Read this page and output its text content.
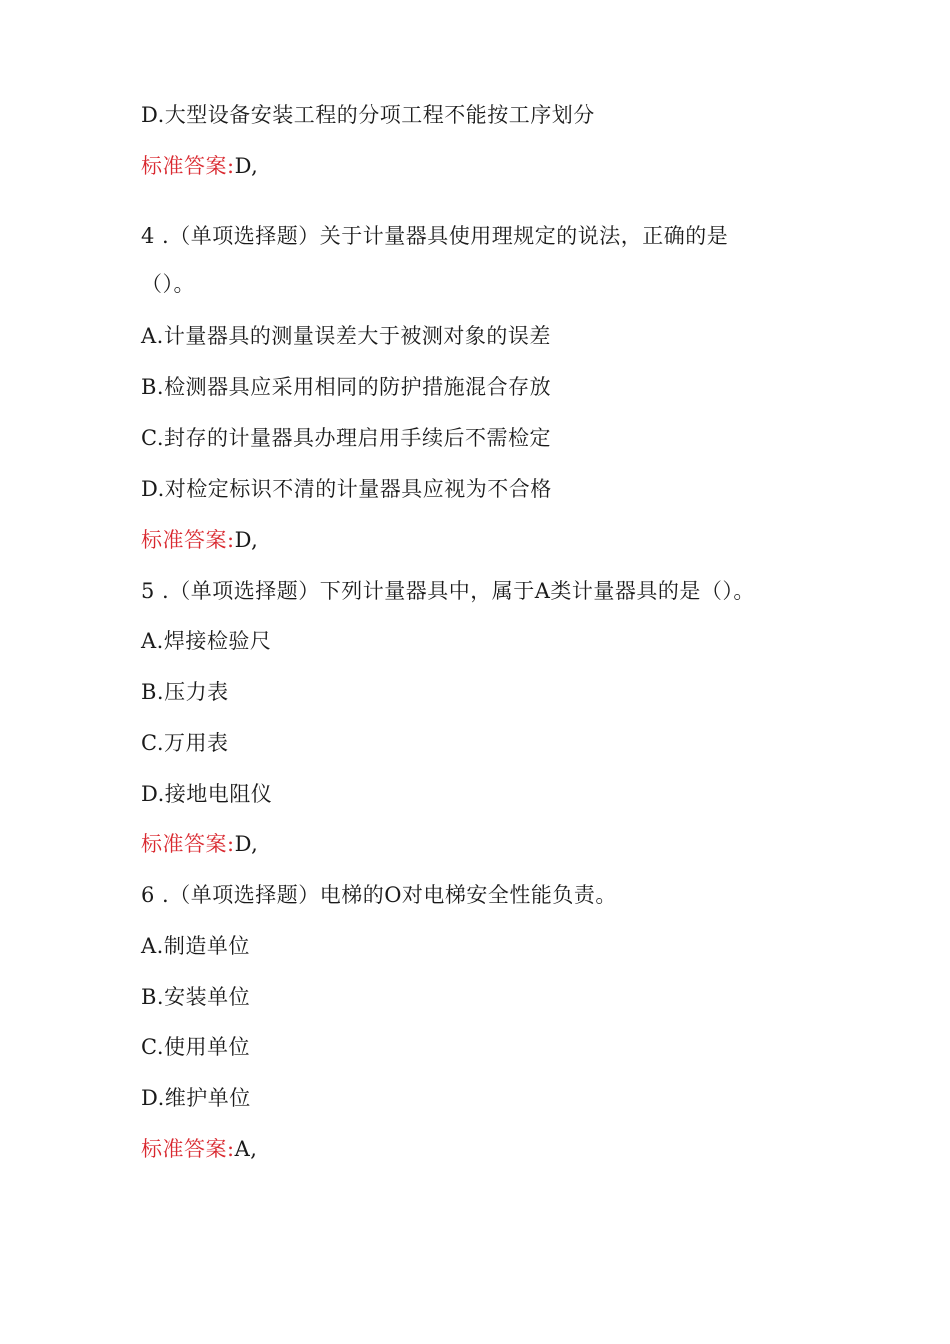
D.大型设备安装工程的分项工程不能按工序划分
标准答案:D,
4 .（单项选择题）关于计量器具使用理规定的说法，正确的是
（）。
A.计量器具的测量误差大于被测对象的误差
B.检测器具应采用相同的防护措施混合存放
C.封存的计量器具办理启用手续后不需检定
D.对检定标识不清的计量器具应视为不合格
标准答案:D,
5 .（单项选择题）下列计量器具中，属于A类计量器具的是（）。
A.焊接检验尺
B.压力表
C.万用表
D.接地电阻仪
标准答案:D,
6 .（单项选择题）电梯的O对电梯安全性能负责。
A.制造单位
B.安装单位
C.使用单位
D.维护单位
标准答案:A,
